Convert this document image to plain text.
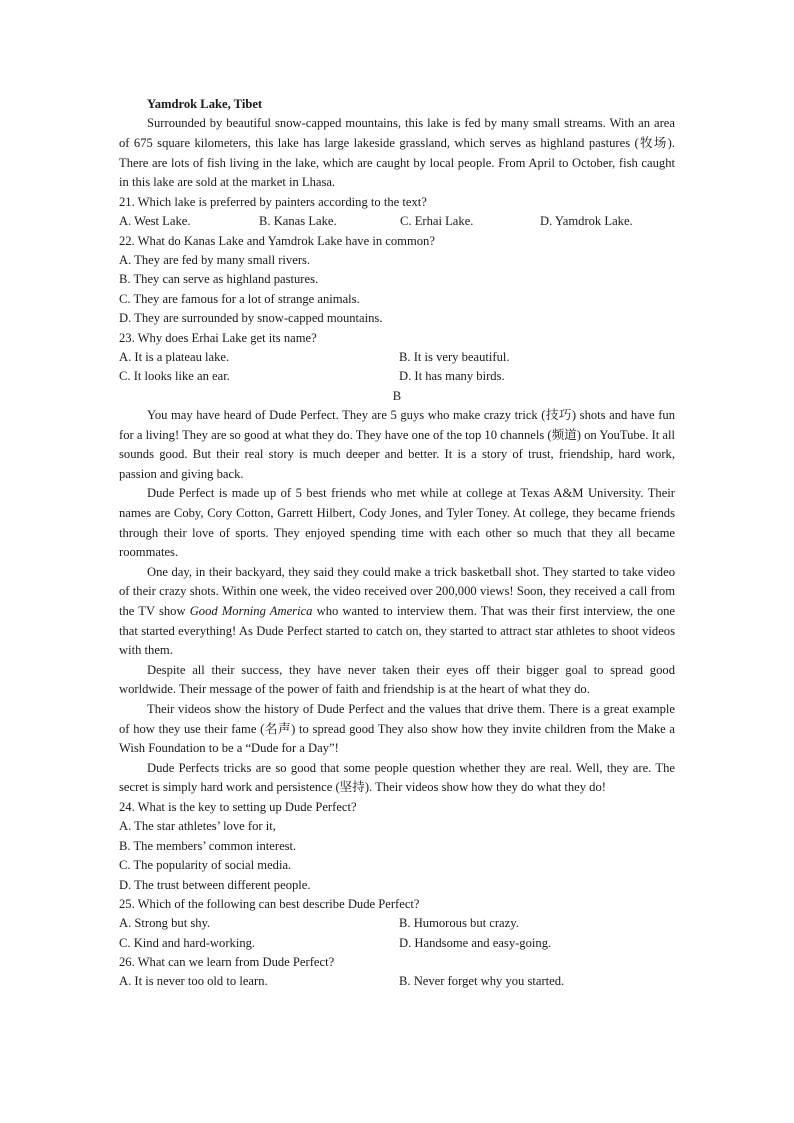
Yamdrok Lake, Tibet

Surrounded by beautiful snow-capped mountains, this lake is fed by many small streams. With an area of 675 square kilometers, this lake has large lakeside grassland, which serves as highland pastures (牧场). There are lots of fish living in the lake, which are caught by local people. From April to October, fish caught in this lake are sold at the market in Lhasa.

21. Which lake is preferred by painters according to the text?
A. West Lake.	B. Kanas Lake.	C. Erhai Lake.	D. Yamdrok Lake.
22. What do Kanas Lake and Yamdrok Lake have in common?
A. They are fed by many small rivers.
B. They can serve as highland pastures.
C. They are famous for a lot of strange animals.
D. They are surrounded by snow-capped mountains.
23. Why does Erhai Lake get its name?
A. It is a plateau lake.	B. It is very beautiful.
C. It looks like an ear.	D. It has many birds.
B

You may have heard of Dude Perfect. They are 5 guys who make crazy trick (技巧) shots and have fun for a living! They are so good at what they do. They have one of the top 10 channels (频道) on YouTube. It all sounds good. But their real story is much deeper and better. It is a story of trust, friendship, hard work, passion and giving back.

Dude Perfect is made up of 5 best friends who met while at college at Texas A&M University. Their names are Coby, Cory Cotton, Garrett Hilbert, Cody Jones, and Tyler Toney. At college, they became friends through their love of sports. They enjoyed spending time with each other so much that they all became roommates.

One day, in their backyard, they said they could make a trick basketball shot. They started to take video of their crazy shots. Within one week, the video received over 200,000 views! Soon, they received a call from the TV show Good Morning America who wanted to interview them. That was their first interview, the one that started everything! As Dude Perfect started to catch on, they started to attract star athletes to shoot videos with them.

Despite all their success, they have never taken their eyes off their bigger goal to spread good worldwide. Their message of the power of faith and friendship is at the heart of what they do.

Their videos show the history of Dude Perfect and the values that drive them. There is a great example of how they use their fame (名声) to spread good They also show how they invite children from the Make a Wish Foundation to be a “Dude for a Day”!

Dude Perfects tricks are so good that some people question whether they are real. Well, they are. The secret is simply hard work and persistence (坚持). Their videos show how they do what they do!

24. What is the key to setting up Dude Perfect?
A. The star athletes’ love for it,
B. The members’ common interest.
C. The popularity of social media.
D. The trust between different people.
25. Which of the following can best describe Dude Perfect?
A. Strong but shy.	B. Humorous but crazy.
C. Kind and hard-working.	D. Handsome and easy-going.
26. What can we learn from Dude Perfect?
A. It is never too old to learn.	B. Never forget why you started.
